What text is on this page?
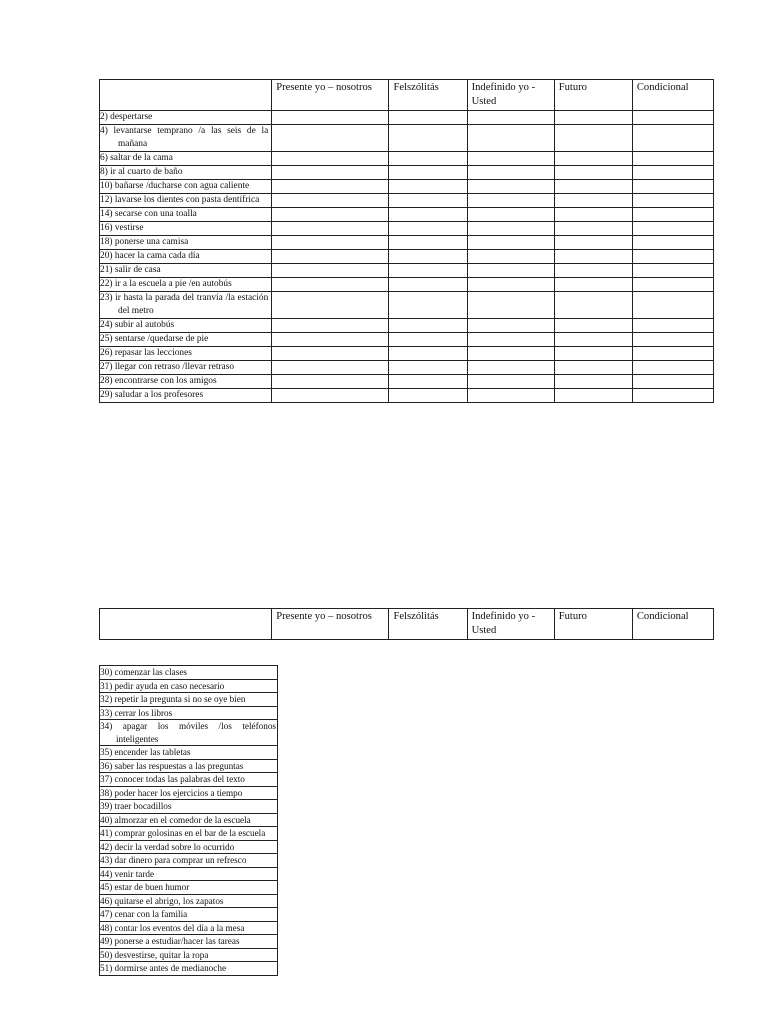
	Presente yo – nosotros	Felszólitás	Indefinido yo - Usted	Futuro	Condicional
2) despertarse					
4) levantarse temprano /a las seis de la mañana					
6) saltar de la cama					
8) ir al cuarto de baño					
10) bañarse /ducharse con agua caliente					
12) lavarse los dientes con pasta dentífrica					
14) secarse con una toalla					
16) vestirse					
18) ponerse una camisa					
20) hacer la cama cada día					
21) salir de casa					
22) ir a la escuela a pie /en autobús					
23) ir hasta la parada del tranvía /la estación del metro					
24) subir al autobús					
25) sentarse /quedarse de pie					
26) repasar las lecciones					
27) llegar con retraso /llevar retraso					
28) encontrarse con los amigos					
29) saludar a los profesores					
	Presente yo – nosotros	Felszólitás	Indefinido yo - Usted	Futuro	Condicional
30) comenzar las clases
31) pedir ayuda en caso necesario
32) repetir la pregunta si no se oye bien
33) cerrar los libros
34) apagar los móviles /los teléfonos inteligentes
35) encender las tabletas
36) saber las respuestas a las preguntas
37) conocer todas las palabras del texto
38) poder hacer los ejercicios a tiempo
39) traer bocadillos
40) almorzar en el comedor de la escuela
41) comprar golosinas en el bar de la escuela
42) decir la verdad sobre lo ocurrido
43) dar dinero para comprar un refresco
44) venir tarde
45) estar de buen humor
46) quitarse el abrigo, los zapatos
47) cenar con la familia
48) contar los eventos del día a la mesa
49) ponerse a estudiar/hacer las tareas
50) desvestirse, quitar la ropa
51) dormirse antes de medianoche
